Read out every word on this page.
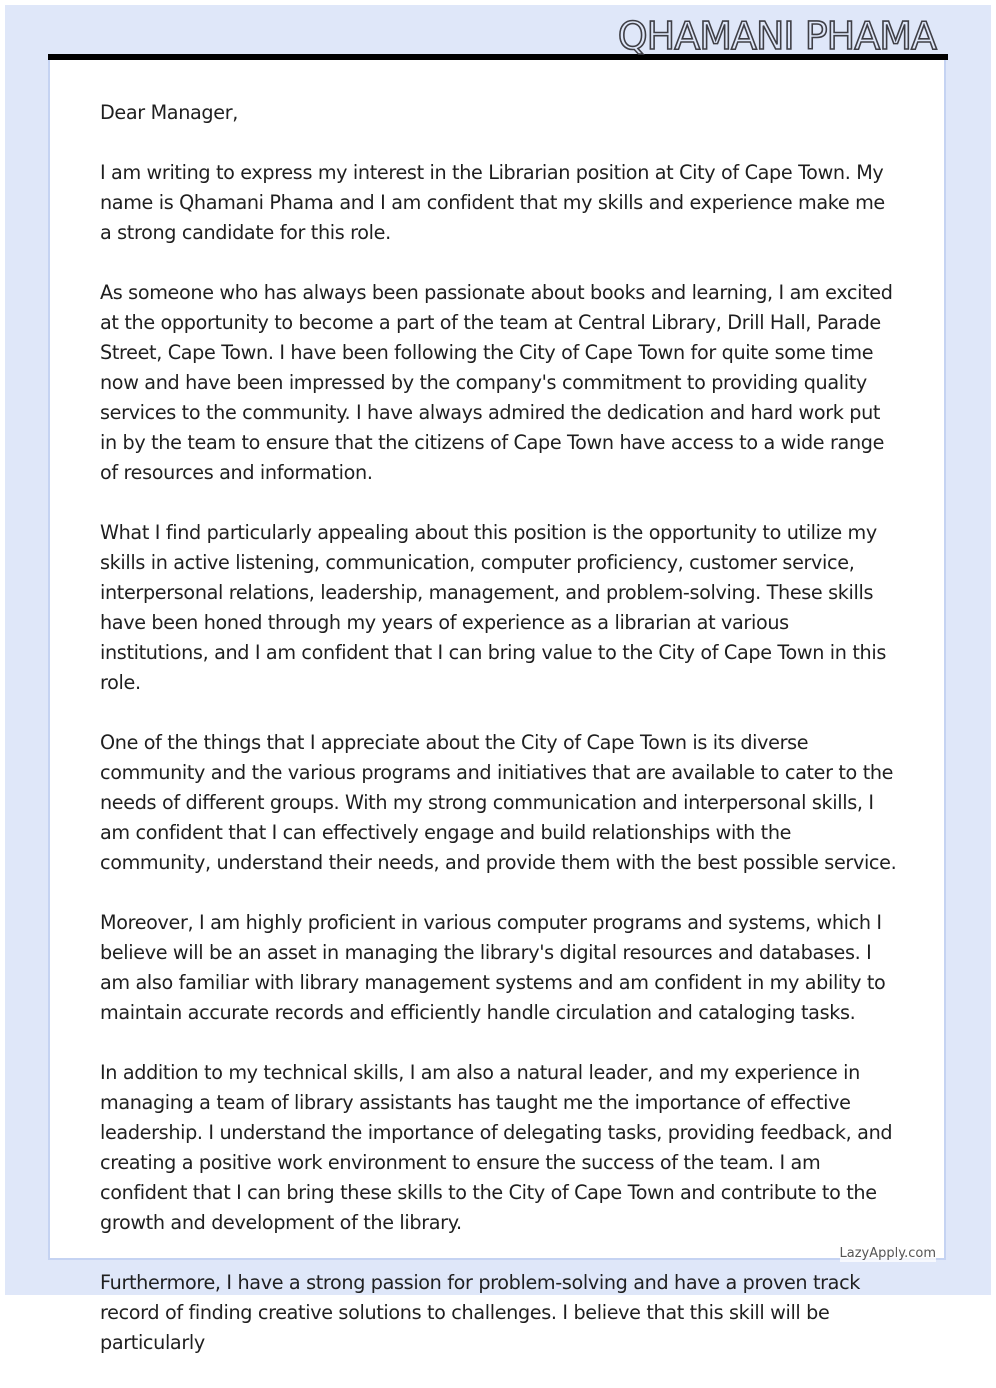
QHAMANI PHAMA

Dear Manager,

I am writing to express my interest in the Librarian position at City of Cape Town. My name is Qhamani Phama and I am confident that my skills and experience make me a strong candidate for this role.

As someone who has always been passionate about books and learning, I am excited at the opportunity to become a part of the team at Central Library, Drill Hall, Parade Street, Cape Town. I have been following the City of Cape Town for quite some time now and have been impressed by the company's commitment to providing quality services to the community. I have always admired the dedication and hard work put in by the team to ensure that the citizens of Cape Town have access to a wide range of resources and information.

What I find particularly appealing about this position is the opportunity to utilize my skills in active listening, communication, computer proficiency, customer service, interpersonal relations, leadership, management, and problem-solving. These skills have been honed through my years of experience as a librarian at various institutions, and I am confident that I can bring value to the City of Cape Town in this role.

One of the things that I appreciate about the City of Cape Town is its diverse community and the various programs and initiatives that are available to cater to the needs of different groups. With my strong communication and interpersonal skills, I am confident that I can effectively engage and build relationships with the community, understand their needs, and provide them with the best possible service.

Moreover, I am highly proficient in various computer programs and systems, which I believe will be an asset in managing the library's digital resources and databases. I am also familiar with library management systems and am confident in my ability to maintain accurate records and efficiently handle circulation and cataloging tasks.

In addition to my technical skills, I am also a natural leader, and my experience in managing a team of library assistants has taught me the importance of effective leadership. I understand the importance of delegating tasks, providing feedback, and creating a positive work environment to ensure the success of the team. I am confident that I can bring these skills to the City of Cape Town and contribute to the growth and development of the library.

Furthermore, I have a strong passion for problem-solving and have a proven track record of finding creative solutions to challenges. I believe that this skill will be particularly

LazyApply.com
